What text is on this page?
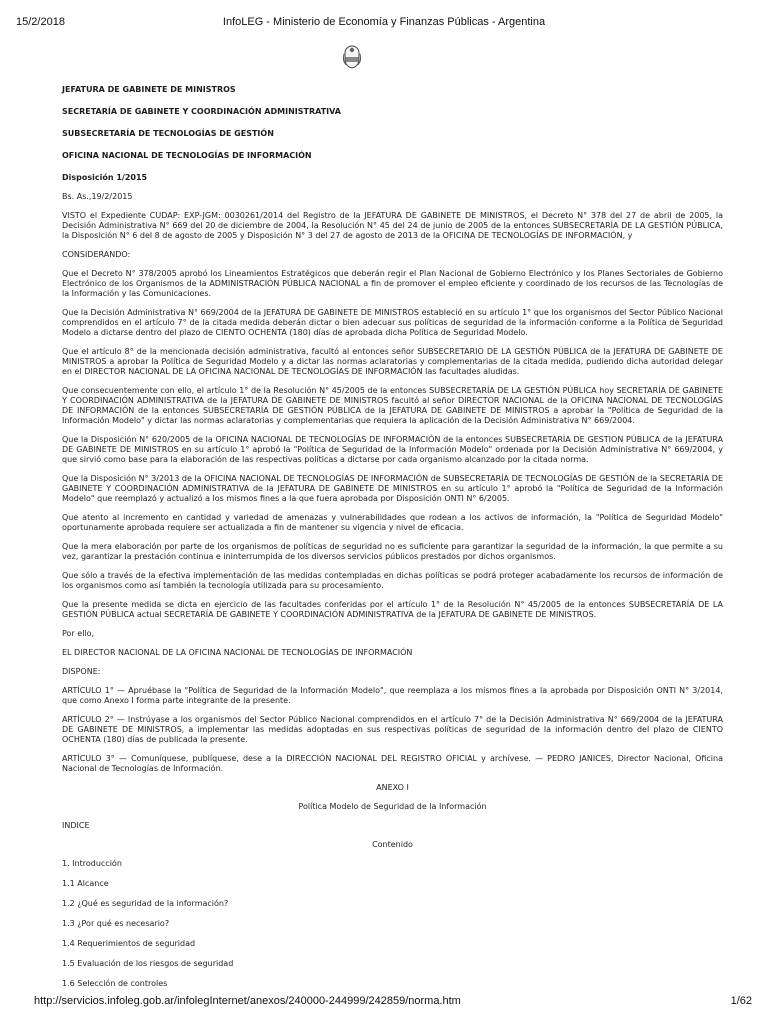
15/2/2018	InfoLEG - Ministerio de Economía y Finanzas Públicas - Argentina
JEFATURA DE GABINETE DE MINISTROS
SECRETARÍA DE GABINETE Y COORDINACIÓN ADMINISTRATIVA
SUBSECRETARÍA DE TECNOLOGÍAS DE GESTIÓN
OFICINA NACIONAL DE TECNOLOGÍAS DE INFORMACIÓN
Disposición 1/2015
Bs. As.,19/2/2015
VISTO el Expediente CUDAP: EXP-JGM: 0030261/2014 del Registro de la JEFATURA DE GABINETE DE MINISTROS, el Decreto N° 378 del 27 de abril de 2005, la Decisión Administrativa N° 669 del 20 de diciembre de 2004, la Resolución N° 45 del 24 de junio de 2005 de la entonces SUBSECRETARÍA DE LA GESTIÓN PÚBLICA, la Disposición N° 6 del 8 de agosto de 2005 y Disposición N° 3 del 27 de agosto de 2013 de la OFICINA DE TECNOLOGÍAS DE INFORMACIÓN, y
CONSIDERANDO:
Que el Decreto N° 378/2005 aprobó los Lineamientos Estratégicos que deberán regir el Plan Nacional de Gobierno Electrónico y los Planes Sectoriales de Gobierno Electrónico de los Organismos de la ADMINISTRACIÓN PÚBLICA NACIONAL a fin de promover el empleo eficiente y coordinado de los recursos de las Tecnologías de la Información y las Comunicaciones.
Que la Decisión Administrativa N° 669/2004 de la JEFATURA DE GABINETE DE MINISTROS estableció en su artículo 1° que los organismos del Sector Público Nacional comprendidos en el artículo 7° de la citada medida deberán dictar o bien adecuar sus políticas de seguridad de la información conforme a la Política de Seguridad Modelo a dictarse dentro del plazo de CIENTO OCHENTA (180) días de aprobada dicha Política de Seguridad Modelo.
Que el artículo 8° de la mencionada decisión administrativa, facultó al entonces señor SUBSECRETARIO DE LA GESTIÓN PÚBLICA de la JEFATURA DE GABINETE DE MINISTROS a aprobar la Política de Seguridad Modelo y a dictar las normas aclaratorias y complementarias de la citada medida, pudiendo dicha autoridad delegar en el DIRECTOR NACIONAL DE LA OFICINA NACIONAL DE TECNOLOGÍAS DE INFORMACIÓN las facultades aludidas.
Que consecuentemente con ello, el artículo 1° de la Resolución N° 45/2005 de la entonces SUBSECRETARÍA DE LA GESTIÓN PÚBLICA hoy SECRETARÍA DE GABINETE Y COORDINACIÓN ADMINISTRATIVA de la JEFATURA DE GABINETE DE MINISTROS facultó al señor DIRECTOR NACIONAL de la OFICINA NACIONAL DE TECNOLOGÍAS DE INFORMACIÓN de la entonces SUBSECRETARÍA DE GESTIÓN PÚBLICA de la JEFATURA DE GABINETE DE MINISTROS a aprobar la "Política de Seguridad de la Información Modelo" y dictar las normas aclaratorias y complementarias que requiera la aplicación de la Decisión Administrativa N° 669/2004.
Que la Disposición N° 620/2005 de la OFICINA NACIONAL DE TECNOLOGÍAS DE INFORMACIÓN de la entonces SUBSECRETARÍA DE GESTION PÚBLICA de la JEFATURA DE GABINETE DE MINISTROS en su artículo 1° aprobó la "Política de Seguridad de la Información Modelo" ordenada por la Decisión Administrativa N° 669/2004, y que sirvió como base para la elaboración de las respectivas políticas a dictarse por cada organismo alcanzado por la citada norma.
Que la Disposición N° 3/2013 de la OFICINA NACIONAL DE TECNOLOGÍAS DE INFORMACIÓN de SUBSECRETARÍA DE TECNOLOGÍAS DE GESTIÓN de la SECRETARÍA DE GABINETE Y COORDINACIÓN ADMINISTRATIVA de la JEFATURA DE GABINETE DE MINISTROS en su artículo 1° aprobó la "Política de Seguridad de la Información Modelo" que reemplazó y actualizó a los mismos fines a la que fuera aprobada por Disposición ONTI N° 6/2005.
Que atento al incremento en cantidad y variedad de amenazas y vulnerabilidades que rodean a los activos de información, la "Política de Seguridad Modelo" oportunamente aprobada requiere ser actualizada a fin de mantener su vigencia y nivel de eficacia.
Que la mera elaboración por parte de los organismos de políticas de seguridad no es suficiente para garantizar la seguridad de la información, la que permite a su vez, garantizar la prestación continua e ininterrumpida de los diversos servicios públicos prestados por dichos organismos.
Que sólo a través de la efectiva implementación de las medidas contempladas en dichas políticas se podrá proteger acabadamente los recursos de información de los organismos como así también la tecnología utilizada para su procesamiento.
Que la presente medida se dicta en ejercicio de las facultades conferidas por el artículo 1° de la Resolución N° 45/2005 de la entonces SUBSECRETARÍA DE LA GESTIÓN PÚBLICA actual SECRETARÍA DE GABINETE Y COORDINACIÓN ADMINISTRATIVA de la JEFATURA DE GABINETE DE MINISTROS.
Por ello,
EL DIRECTOR NACIONAL DE LA OFICINA NACIONAL DE TECNOLOGÍAS DE INFORMACIÓN
DISPONE:
ARTÍCULO 1° — Apruébase la "Política de Seguridad de la Información Modelo", que reemplaza a los mismos fines a la aprobada por Disposición ONTI N° 3/2014, que como Anexo I forma parte integrante de la presente.
ARTÍCULO 2° — Instrúyase a los organismos del Sector Público Nacional comprendidos en el artículo 7° de la Decisión Administrativa N° 669/2004 de la JEFATURA DE GABINETE DE MINISTROS, a implementar las medidas adoptadas en sus respectivas políticas de seguridad de la información dentro del plazo de CIENTO OCHENTA (180) días de publicada la presente.
ARTÍCULO 3° — Comuníquese, publíquese, dese a la DIRECCIÓN NACIONAL DEL REGISTRO OFICIAL y archívese. — PEDRO JANICES, Director Nacional, Oficina Nacional de Tecnologías de Información.
ANEXO I
Política Modelo de Seguridad de la Información
INDICE
Contenido
1. Introducción
1.1 Alcance
1.2 ¿Qué es seguridad de la información?
1.3 ¿Por qué es necesario?
1.4 Requerimientos de seguridad
1.5 Evaluación de los riesgos de seguridad
1.6 Selección de controles
http://servicios.infoleg.gob.ar/infolegInternet/anexos/240000-244999/242859/norma.htm	1/62
